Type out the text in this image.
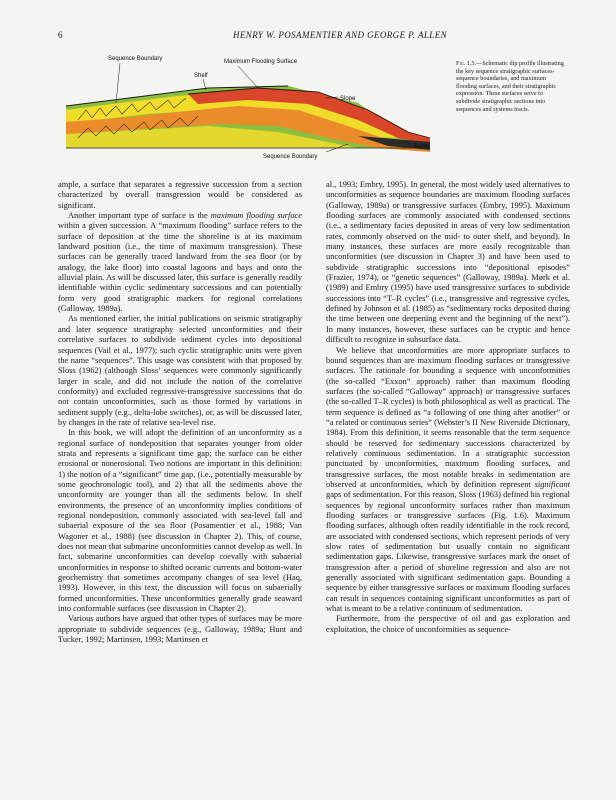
6	HENRY W. POSAMENTIER AND GEORGE P. ALLEN
Sequence Boundary
Shelf
Maximum Flooding Surface
Slope
Basin
Sequence Boundary
Fig. 1.5.—Schematic dip profile illustrating the key sequence stratigraphic surfaces-sequence boundaries, and maximum flooding surfaces, and their stratigraphic expression. These surfaces serve to subdivide stratigraphic sections into sequences and systems tracts.

ample, a surface that separates a regressive succession from a section characterized by overall transgression would be considered as significant.

Another important type of surface is the maximum flooding surface within a given succession. A “maximum flooding” surface refers to the surface of deposition at the time the shoreline is at its maximum landward position (i.e., the time of maximum transgression). These surfaces can be generally traced landward from the sea floor (or by analogy, the lake floor) into coastal lagoons and bays and onto the alluvial plain. As will be discussed later, this surface is generally readily identifiable within cyclic sedimentary successions and can potentially form very good stratigraphic markers for regional correlations (Galloway, 1989a).

As mentioned earlier, the initial publications on seismic stratigraphy and later sequence stratigraphy selected unconformities and their correlative surfaces to subdivide sediment cycles into depositional sequences (Vail et al., 1977); such cyclic stratigraphic units were given the name “sequences”. This usage was consistent with that proposed by Sloss (1962) (although Sloss’ sequences were commonly significantly larger in scale, and did not include the notion of the correlative conformity) and excluded regressive-transgressive successions that do not contain unconformities, such as those formed by variations in sediment supply (e.g., delta-lobe switches), or, as will be discussed later, by changes in the rate of relative sea-level rise.

In this book, we will adopt the definition of an unconformity as a regional surface of nondeposition that separates younger from older strata and represents a significant time gap; the surface can be either erosional or nonerosional. Two notions are important in this definition: 1) the notion of a “significant” time gap, (i.e., potentially measurable by some geochronologic tool), and 2) that all the sediments above the unconformity are younger than all the sediments below. In shelf environments, the presence of an unconformity implies conditions of regional nondeposition, commonly associated with sea-level fall and subaerial exposure of the sea floor (Posamentier et al., 1988; Van Wagoner et al., 1988) (see discussion in Chapter 2). This, of course, does not mean that submarine unconformities cannot develop as well. In fact, submarine unconformities can develop coevally with subaerial unconformities in response to shifted oceanic currents and bottom-water geochemistry that sometimes accompany changes of sea level (Haq, 1993). However, in this text, the discussion will focus on subaerially formed unconformities. These unconformities generally grade seaward into conformable surfaces (see discussion in Chapter 2).

Various authors have argued that other types of surfaces may be more appropriate to subdivide sequences (e.g., Galloway, 1989a; Hunt and Tucker, 1992; Martinsen, 1993; Martinsen et

al., 1993; Embry, 1995). In general, the most widely used alternatives to unconformities as sequence boundaries are maximum flooding surfaces (Galloway, 1989a) or transgressive surfaces (Embry, 1995). Maximum flooding surfaces are commonly associated with condensed sections (i.e., a sedimentary facies deposited in areas of very low sedimentation rates, commonly observed on the mid- to outer shelf, and beyond). In many instances, these surfaces are more easily recognizable than unconformities (see discussion in Chapter 3) and have been used to subdivide stratigraphic successions into “depositional episodes” (Frazier, 1974), or “genetic sequences” (Galloway, 1989a). Mørk et al. (1989) and Embry (1995) have used transgressive surfaces to subdivide successions into “T–R cycles” (i.e., transgressive and regressive cycles, defined by Johnson et al. (1985) as “sedimentary rocks deposited during the time between one deepening event and the beginning of the next”). In many instances, however, these surfaces can be cryptic and hence difficult to recognize in subsurface data.

We believe that unconformities are more appropriate surfaces to bound sequences than are maximum flooding surfaces or transgressive surfaces. The rationale for bounding a sequence with unconformities (the so-called “Exxon” approach) rather than maximum flooding surfaces (the so-called “Galloway” approach) or transgressive surfaces (the so-called T–R cycles) is both philosophical as well as practical. The term sequence is defined as “a following of one thing after another” or “a related or continuous series” (Webster’s II New Riverside Dictionary, 1984). From this definition, it seems reasonable that the term sequence should be reserved for sedimentary successions characterized by relatively continuous sedimentation. In a stratigraphic succession punctuated by unconformities, maximum flooding surfaces, and transgressive surfaces, the most notable breaks in sedimentation are observed at unconformities, which by definition represent significant gaps of sedimentation. For this reason, Sloss (1963) defined his regional sequences by regional unconformity surfaces rather than maximum flooding surfaces or transgressive surfaces (Fig. 1.6). Maximum flooding surfaces, although often readily identifiable in the rock record, are associated with condensed sections, which represent periods of very slow rates of sedimentation but usually contain no significant sedimentation gaps. Likewise, transgressive surfaces mark the onset of transgression after a period of shoreline regression and also are not generally associated with significant sedimentation gaps. Bounding a sequence by either transgressive surfaces or maximum flooding surfaces can result in sequences containing significant unconformities as part of what is meant to be a relative continuum of sedimentation.

Furthermore, from the perspective of oil and gas exploration and exploitation, the choice of unconformities as sequence-
